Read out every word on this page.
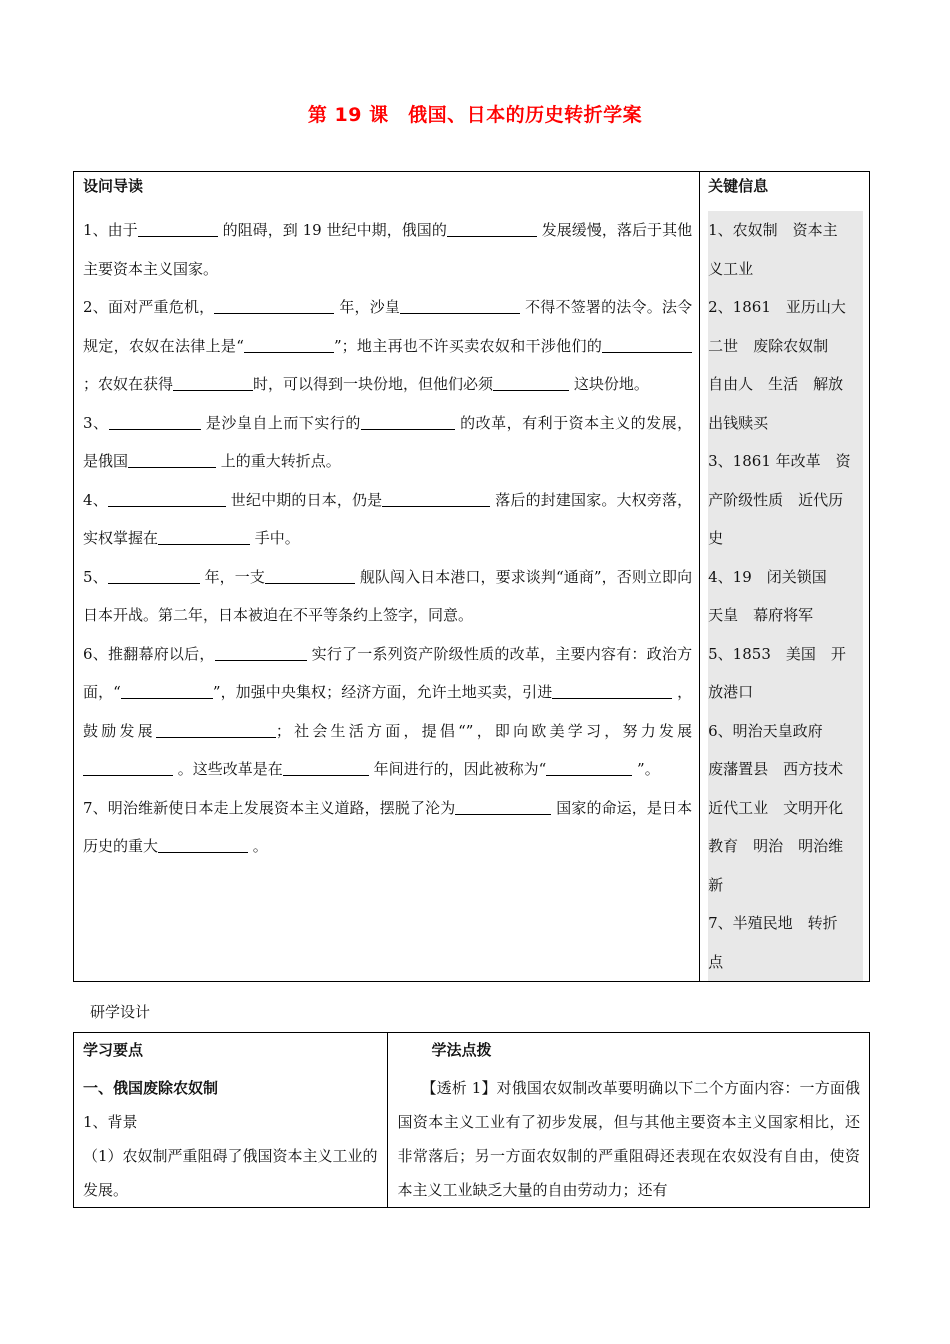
第 19 课　俄国、日本的历史转折学案
设问导读
1、由于	的阻碍，到 19 世纪中期，俄国的	发展缓慢，落后于其他主要资本主义国家。
2、面对严重危机，	年，沙皇	不得不签署的法令。法令规定，农奴在法律上是“	”；地主再也不许买卖农奴和干涉他们的；农奴在获得	时，可以得到一块份地，但他们必须	这块份地。
3、	是沙皇自上而下实行的	的改革，有利于资本主义的发展，是俄国	上的重大转折点。
4、	世纪中期的日本，仍是	落后的封建国家。大权旁落，实权掌握在	手中。
5、	年，一支	舰队闯入日本港口，要求谈判“通商”，否则立即向日本开战。第二年，日本被迫在不平等条约上签字，同意。
6、推翻幕府以后，	实行了一系列资产阶级性质的改革，主要内容有：政治方面，“	”，加强中央集权；经济方面，允许土地买卖，引进	，鼓励发展	；社会生活方面，提倡“”，即向欧美学习，努力发展 。这些改革是在	年间进行的，因此被称为“	”。
7、明治维新使日本走上发展资本主义道路，摆脱了沦为	国家的命运，是日本历史的重大	。

关键信息
1、农奴制　资本主
义工业
2、1861　亚历山大
二世　废除农奴制
自由人　生活　解放
出钱赎买
3、1861 年改革　资
产阶级性质　近代历
史
4、19　闭关锁国
天皇　幕府将军
5、1853　美国　开
放港口
6、明治天皇政府
废藩置县　西方技术
近代工业　文明开化
教育　明治　明治维
新
7、半殖民地　转折
点
研学设计
学习要点
一、俄国废除农奴制

1、背景

（1）农奴制严重阻碍了俄国资本主义工业的发展。

学法点拨

【透析 1】对俄国农奴制改革要明确以下二个方面内容：一方面俄国资本主义工业有了初步发展，但与其他主要资本主义国家相比，还非常落后；另一方面农奴制的严重阻碍还表现在农奴没有自由，使资本主义工业缺乏大量的自由劳动力；还有
